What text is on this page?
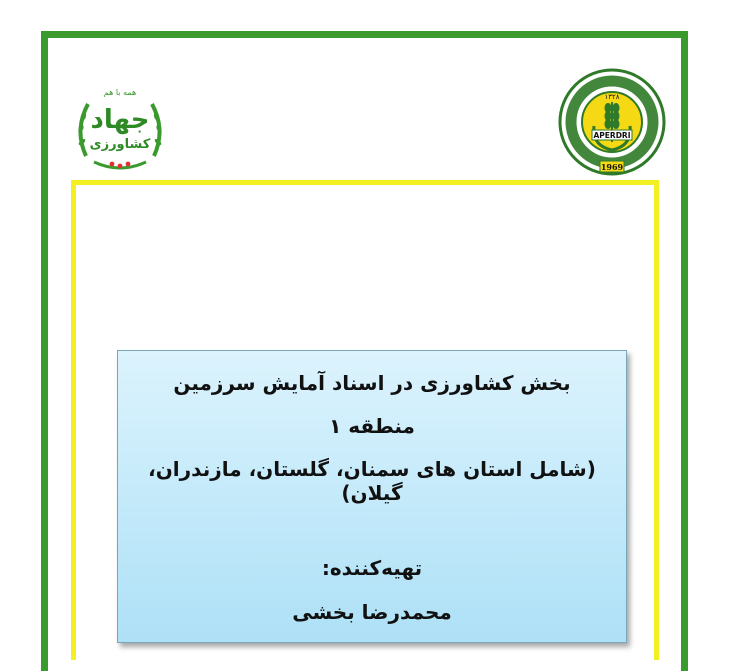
همه با هم
جهاد
کشاورزی
APERDRI
۱۳۲۸
1969
بخش کشاورزی در اسناد آمایش سرزمین
منطقه ۱
(شامل استان های سمنان، گلستان، مازندران، گیلان)
تهیه‌کننده:
محمدرضا بخشی
